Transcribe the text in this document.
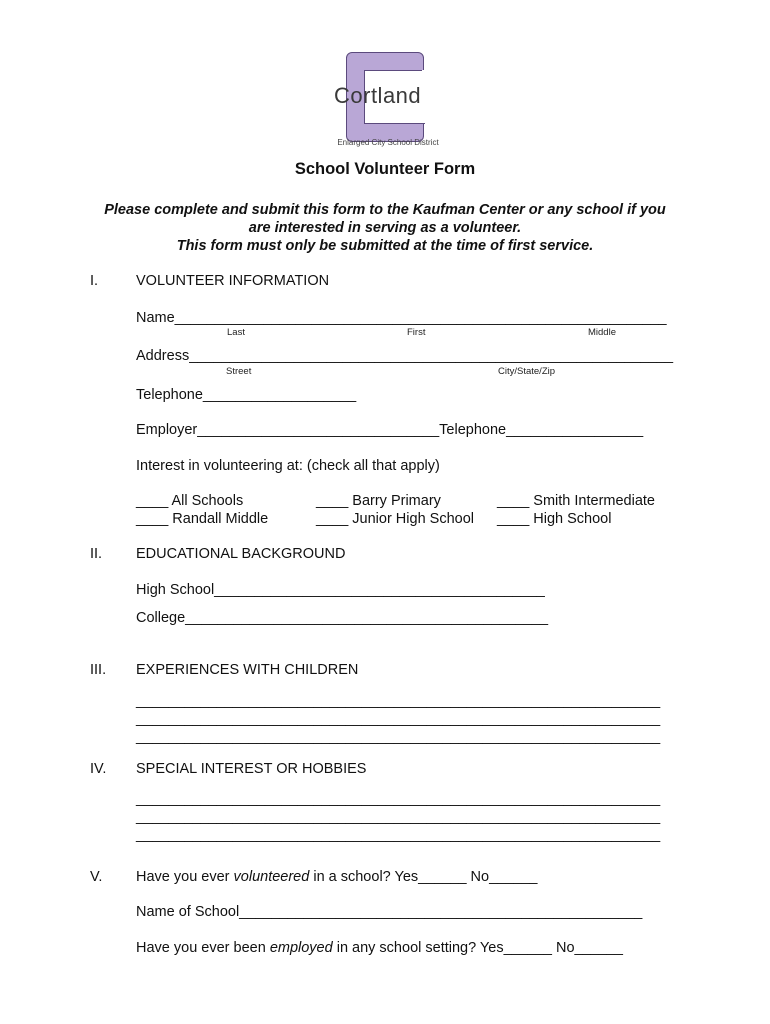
Cortland
Enlarged City School District
School Volunteer Form
Please complete and submit this form to the Kaufman Center or any school if you
are interested in serving as a volunteer.
This form must only be submitted at the time of first service.
I.	VOLUNTEER INFORMATION
Name_____________________________________________________________
Last	First	Middle
Address____________________________________________________________
Street	City/State/Zip
Telephone___________________
Employer______________________________Telephone_________________
Interest in volunteering at: (check all that apply)
____ All Schools	____ Barry Primary	____ Smith Intermediate
____ Randall Middle	____ Junior High School ____ High School
II. EDUCATIONAL BACKGROUND
High School_________________________________________
College_____________________________________________
III. EXPERIENCES WITH CHILDREN
_________________________________________________________________
_________________________________________________________________
_________________________________________________________________
IV. SPECIAL INTEREST OR HOBBIES
_________________________________________________________________
_________________________________________________________________
_________________________________________________________________
V. Have you ever volunteered in a school? Yes______ No______
Name of School__________________________________________________
Have you ever been employed in any school setting? Yes______ No______
